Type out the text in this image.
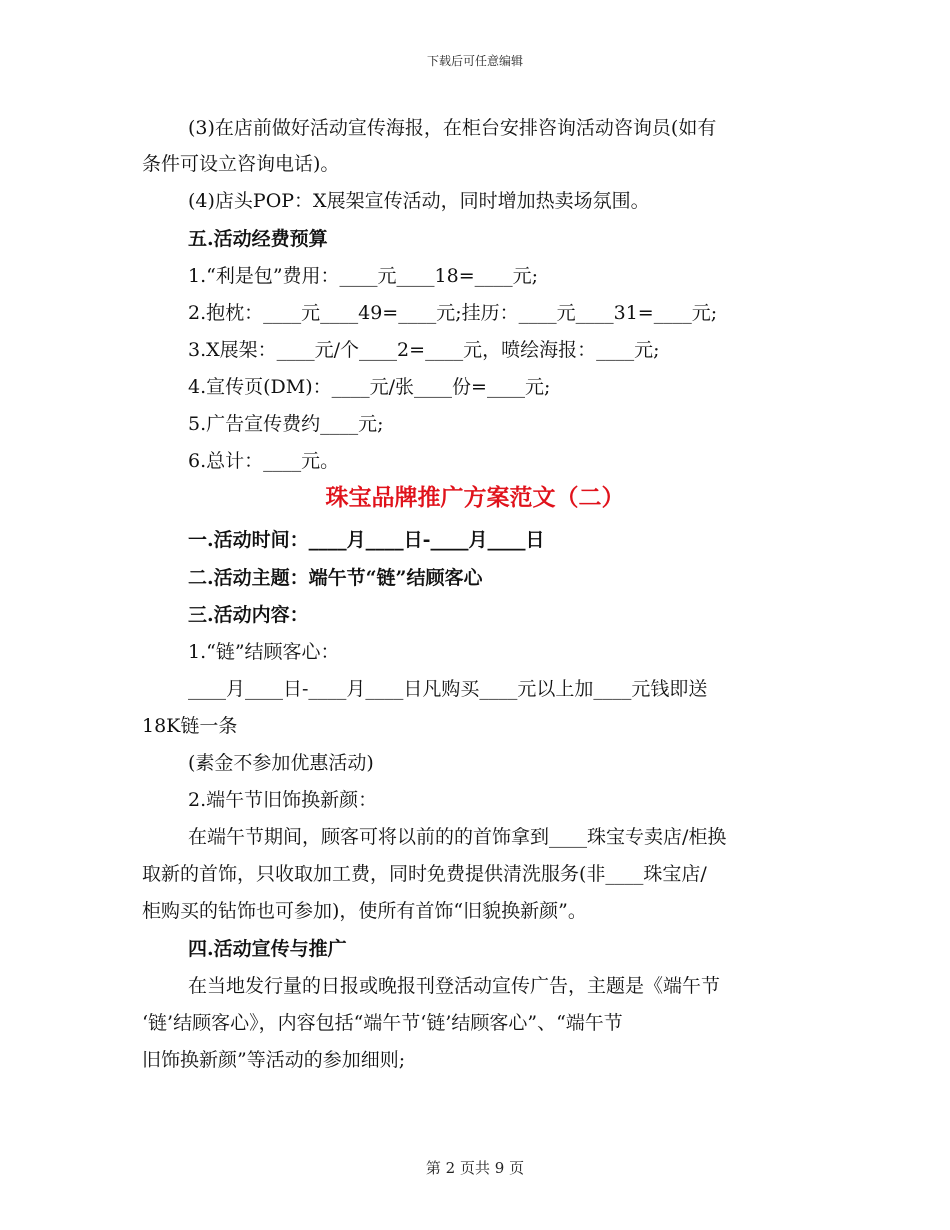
下载后可任意编辑
(3)在店前做好活动宣传海报，在柜台安排咨询活动咨询员(如有
条件可设立咨询电话)。
(4)店头POP：X展架宣传活动，同时增加热卖场氛围。
五.活动经费预算
1.“利是包”费用：____元____18=____元;
2.抱枕：____元____49=____元;挂历：____元____31=____元;
3.X展架：____元/个____2=____元，喷绘海报：____元;
4.宣传页(DM)：____元/张____份=____元;
5.广告宣传费约____元;
6.总计：____元。
珠宝品牌推广方案范文（二）
一.活动时间：____月____日-____月____日
二.活动主题：端午节“链”结顾客心
三.活动内容：
1.“链”结顾客心：
____月____日-____月____日凡购买____元以上加____元钱即送
18K链一条
(素金不参加优惠活动)
2.端午节旧饰换新颜：
在端午节期间，顾客可将以前的的首饰拿到____珠宝专卖店/柜换
取新的首饰，只收取加工费，同时免费提供清洗服务(非____珠宝店/
柜购买的钻饰也可参加)，使所有首饰“旧貌换新颜”。
四.活动宣传与推广
在当地发行量的日报或晚报刊登活动宣传广告，主题是《端午节
‘链’结顾客心》，内容包括“端午节‘链’结顾客心”、“端午节
旧饰换新颜”等活动的参加细则;
第 2 页共 9 页
